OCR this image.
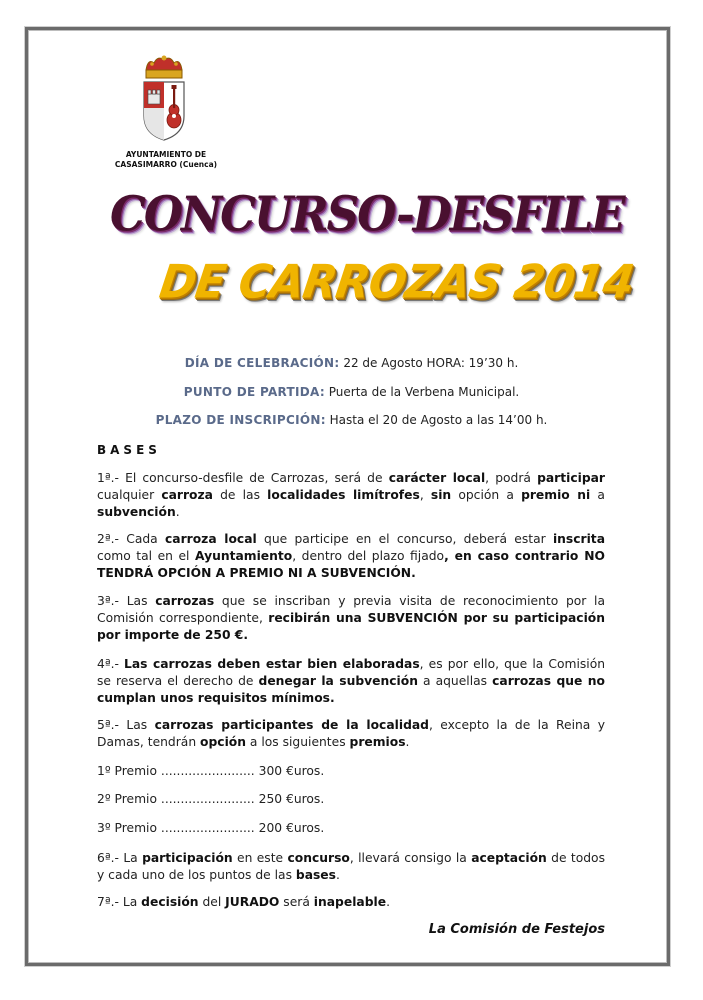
AYUNTAMIENTO DE
CASASIMARRO (Cuenca)
CONCURSO-DESFILE
DE CARROZAS 2014
DÍA DE CELEBRACIÓN: 22 de Agosto HORA: 19’30 h.
PUNTO DE PARTIDA: Puerta de la Verbena Municipal.
PLAZO DE INSCRIPCIÓN: Hasta el 20 de Agosto a las 14’00 h.
BASES
1ª.- El concurso-desfile de Carrozas, será de carácter local, podrá participar cualquier carroza de las localidades limítrofes, sin opción a premio ni a subvención.
2ª.- Cada carroza local que participe en el concurso, deberá estar inscrita como tal en el Ayuntamiento, dentro del plazo fijado, en caso contrario NO TENDRÁ OPCIÓN A PREMIO NI A SUBVENCIÓN.
3ª.- Las carrozas que se inscriban y previa visita de reconocimiento por la Comisión correspondiente, recibirán una SUBVENCIÓN por su participación por importe de 250 €.
4ª.- Las carrozas deben estar bien elaboradas, es por ello, que la Comisión se reserva el derecho de denegar la subvención a aquellas carrozas que no cumplan unos requisitos mínimos.
5ª.- Las carrozas participantes de la localidad, excepto la de la Reina y Damas, tendrán opción a los siguientes premios.
1º Premio ........................ 300 €uros.
2º Premio ........................ 250 €uros.
3º Premio ........................ 200 €uros.
6ª.- La participación en este concurso, llevará consigo la aceptación de todos y cada uno de los puntos de las bases.
7ª.- La decisión del JURADO será inapelable.
La Comisión de Festejos
